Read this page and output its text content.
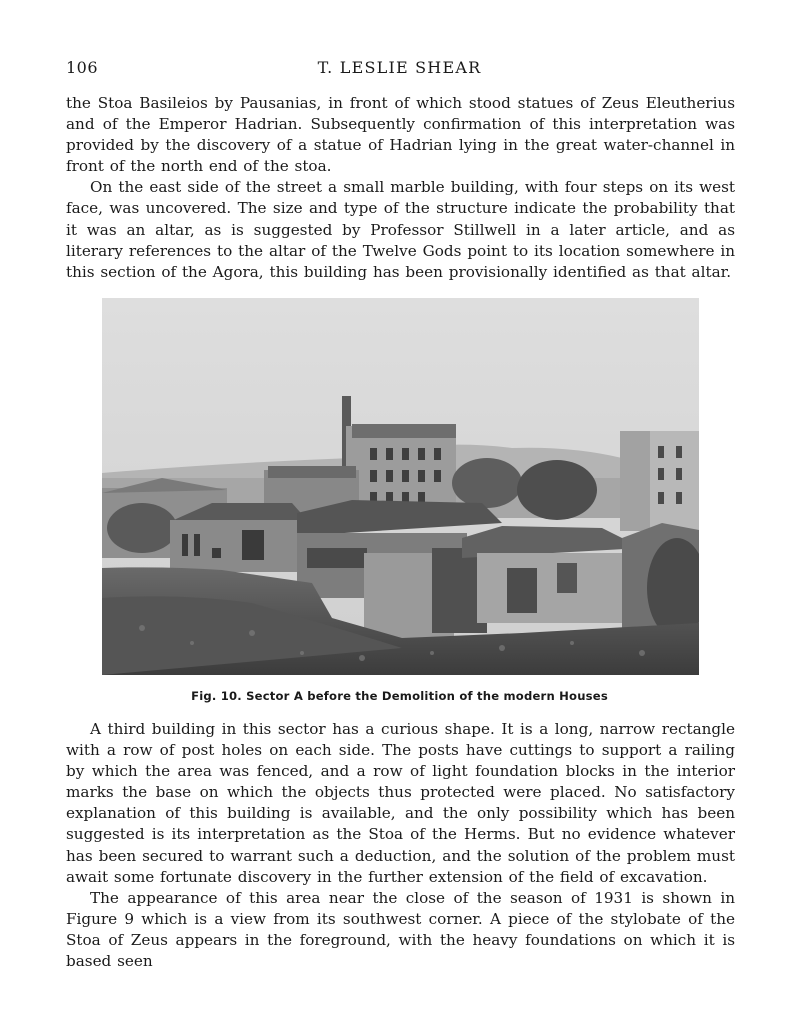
106	T. LESLIE SHEAR

the Stoa Basileios by Pausanias, in front of which stood statues of Zeus Eleutherius and of the Emperor Hadrian. Subsequently confirmation of this interpretation was provided by the discovery of a statue of Hadrian lying in the great water-channel in front of the north end of the stoa.

On the east side of the street a small marble building, with four steps on its west face, was uncovered. The size and type of the structure indicate the probability that it was an altar, as is suggested by Professor Stillwell in a later article, and as literary references to the altar of the Twelve Gods point to its location somewhere in this section of the Agora, this building has been provisionally identified as that altar.

Fig. 10. Sector A before the Demolition of the modern Houses

A third building in this sector has a curious shape. It is a long, narrow rectangle with a row of post holes on each side. The posts have cuttings to support a railing by which the area was fenced, and a row of light foundation blocks in the interior marks the base on which the objects thus protected were placed. No satisfactory explanation of this building is available, and the only possibility which has been suggested is its interpretation as the Stoa of the Herms. But no evidence whatever has been secured to warrant such a deduction, and the solution of the problem must await some fortunate discovery in the further extension of the field of excavation.

The appearance of this area near the close of the season of 1931 is shown in Figure 9 which is a view from its southwest corner. A piece of the stylobate of the Stoa of Zeus appears in the foreground, with the heavy foundations on which it is based seen
